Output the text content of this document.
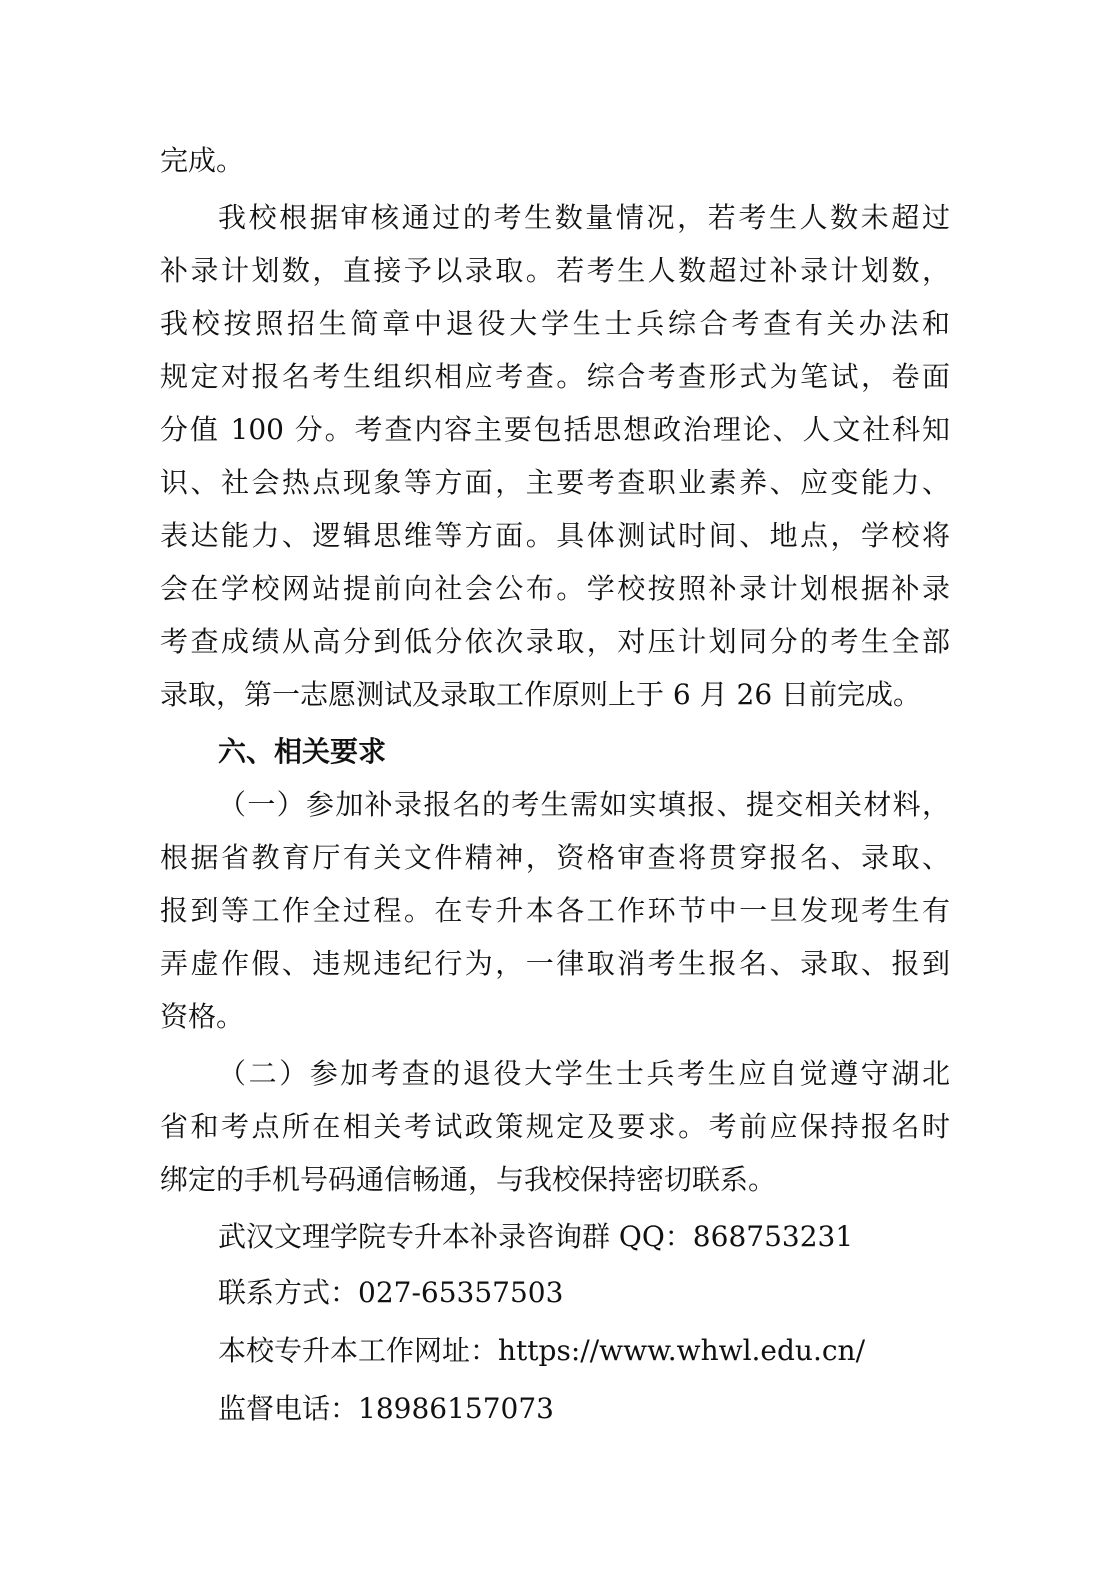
完成。
我校根据审核通过的考生数量情况，若考生人数未超过
补录计划数，直接予以录取。若考生人数超过补录计划数，
我校按照招生简章中退役大学生士兵综合考查有关办法和
规定对报名考生组织相应考查。综合考查形式为笔试，卷面
分值 100 分。考查内容主要包括思想政治理论、人文社科知
识、社会热点现象等方面，主要考查职业素养、应变能力、
表达能力、逻辑思维等方面。具体测试时间、地点，学校将
会在学校网站提前向社会公布。学校按照补录计划根据补录
考查成绩从高分到低分依次录取，对压计划同分的考生全部
录取，第一志愿测试及录取工作原则上于 6 月 26 日前完成。
六、相关要求
（一）参加补录报名的考生需如实填报、提交相关材料，
根据省教育厅有关文件精神，资格审查将贯穿报名、录取、
报到等工作全过程。在专升本各工作环节中一旦发现考生有
弄虚作假、违规违纪行为，一律取消考生报名、录取、报到
资格。
（二）参加考查的退役大学生士兵考生应自觉遵守湖北
省和考点所在相关考试政策规定及要求。考前应保持报名时
绑定的手机号码通信畅通，与我校保持密切联系。
武汉文理学院专升本补录咨询群 QQ：868753231
联系方式：027-65357503
本校专升本工作网址：https://www.whwl.edu.cn/
监督电话：18986157073
